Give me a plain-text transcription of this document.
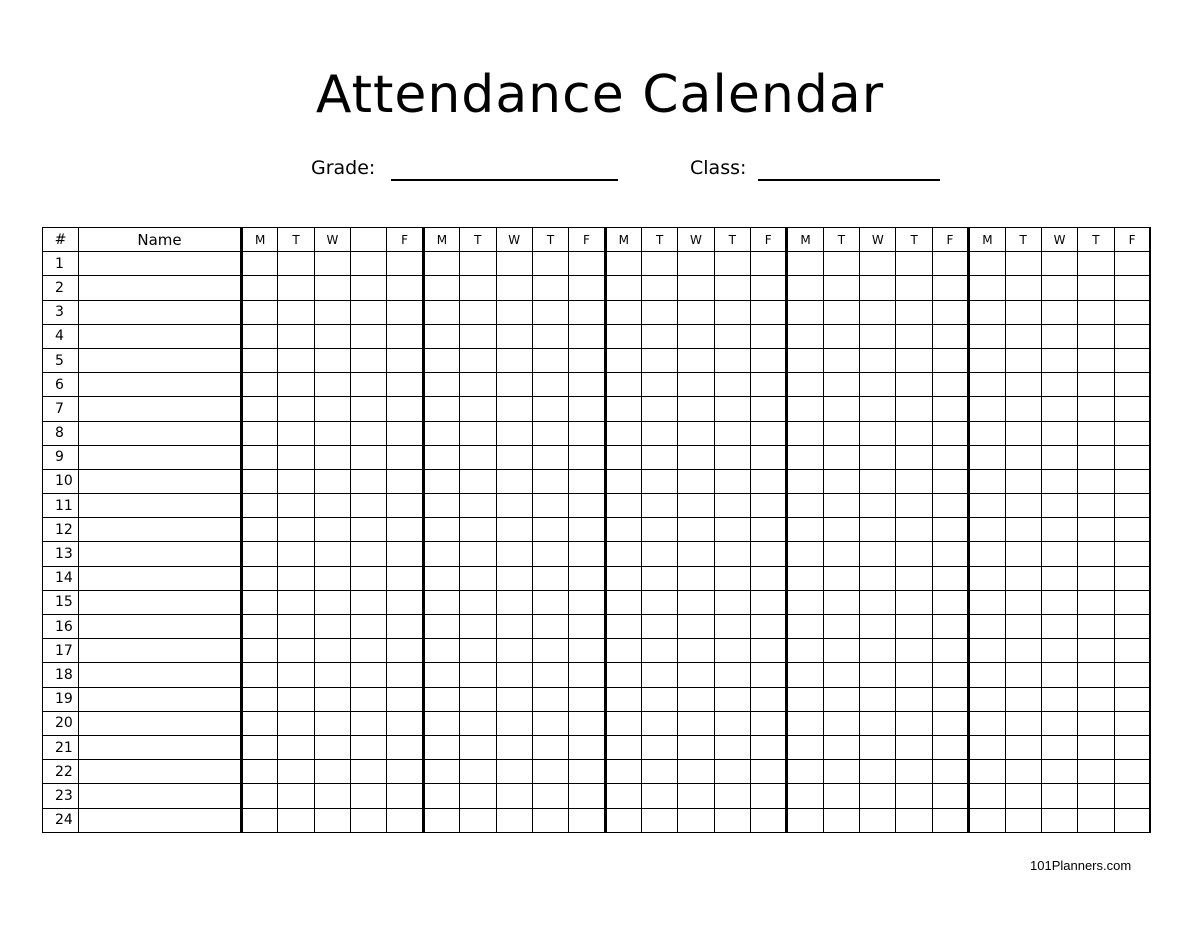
Attendance Calendar
Grade:	Class:
#	Name	M	T	W		F	M	T	W	T	F	M	T	W	T	F	M	T	W	T	F	M	T	W	T	F
1																										
2																										
3																										
4																										
5																										
6																										
7																										
8																										
9																										
10																										
11																										
12																										
13																										
14																										
15																										
16																										
17																										
18																										
19																										
20																										
21																										
22																										
23																										
24																										
101Planners.com
